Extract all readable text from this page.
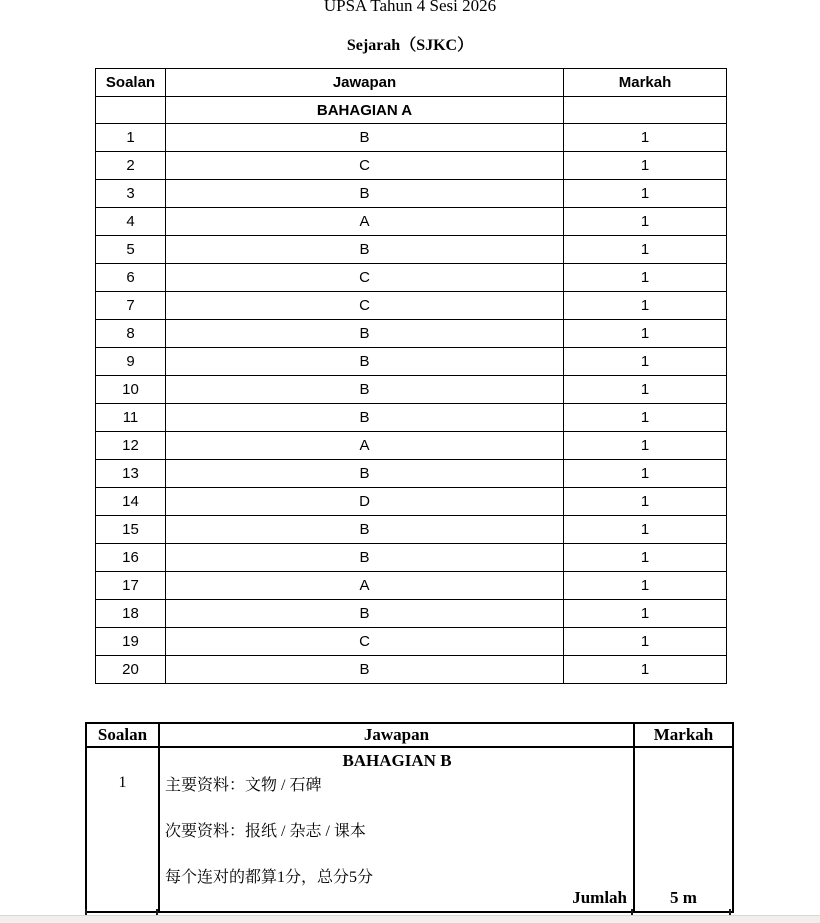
UPSA Tahun 4 Sesi 2026
Sejarah（SJKC）
Soalan	Jawapan	Markah
	BAHAGIAN A	
1	B	1
2	C	1
3	B	1
4	A	1
5	B	1
6	C	1
7	C	1
8	B	1
9	B	1
10	B	1
11	B	1
12	A	1
13	B	1
14	D	1
15	B	1
16	B	1
17	A	1
18	B	1
19	C	1
20	B	1
Soalan	Jawapan	Markah

1	BAHAGIAN B
主要资料：文物 / 石碑
次要资料：报纸 / 杂志 / 课本
每个连对的都算1分，总分5分
Jumlah	5 m
